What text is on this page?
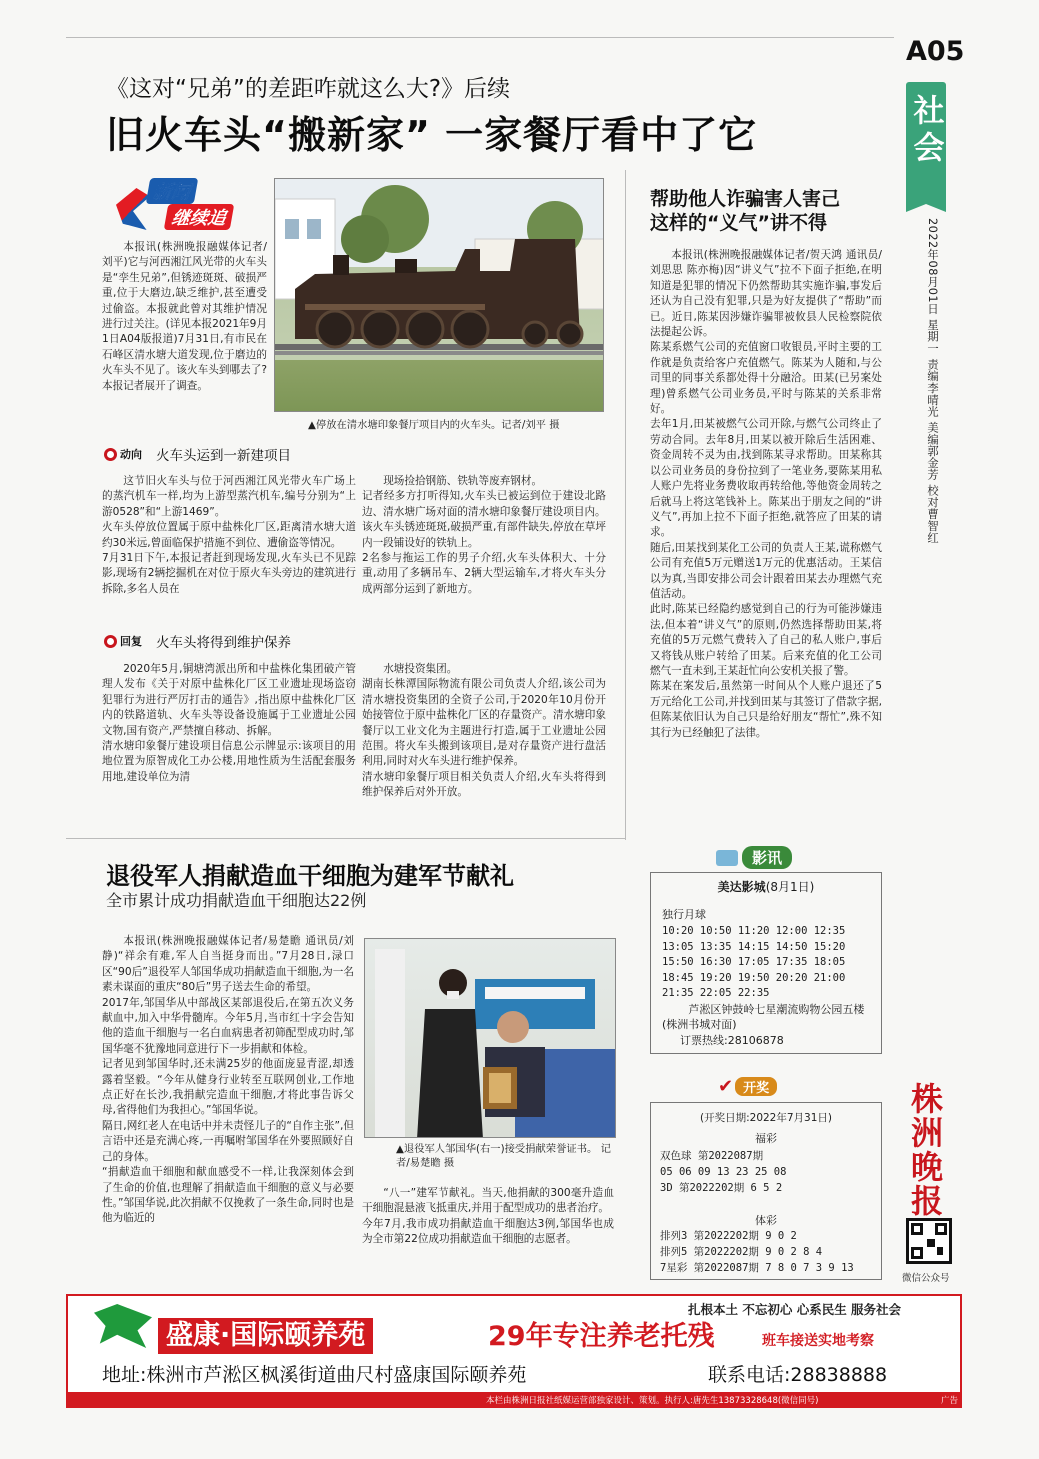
A05
社会
2022年08月01日 星期一 责编李晴光 美编郭金芳 校对曹智红
《这对“兄弟”的差距咋就这么大?》后续
旧火车头“搬新家” 一家餐厅看中了它
新闻
继续追
本报讯(株洲晚报融媒体记者/刘平)它与河西湘江风光带的火车头是“孪生兄弟”,但锈迹斑斑、破损严重,位于大磨边,缺乏维护,甚至遭受过偷盗。本报就此曾对其维护情况进行过关注。(详见本报2021年9月1日A04版报道)7月31日,有市民在石峰区清水塘大道发现,位于磨边的火车头不见了。该火车头到哪去了?本报记者展开了调查。
▲停放在清水塘印象餐厅项目内的火车头。记者/刘平 摄
动向 火车头运到一新建项目
这节旧火车头与位于河西湘江风光带火车广场上的蒸汽机车一样,均为上游型蒸汽机车,编号分别为“上游0528”和“上游1469”。
火车头停放位置属于原中盐株化厂区,距离清水塘大道约30米远,曾面临保护措施不到位、遭偷盗等情况。
7月31日下午,本报记者赶到现场发现,火车头已不见踪影,现场有2辆挖掘机在对位于原火车头旁边的建筑进行拆除,多名人员在
现场捡拾钢筋、铁轨等废弃钢材。
记者经多方打听得知,火车头已被运到位于建设北路边、清水塘广场对面的清水塘印象餐厅建设项目内。
该火车头锈迹斑斑,破损严重,有部件缺失,停放在草坪内一段铺设好的铁轨上。
2名参与拖运工作的男子介绍,火车头体积大、十分重,动用了多辆吊车、2辆大型运输车,才将火车头分成两部分运到了新地方。
回复 火车头将得到维护保养
2020年5月,铜塘湾派出所和中盐株化集团破产管理人发布《关于对原中盐株化厂区工业遗址现场盗窃犯罪行为进行严厉打击的通告》,指出原中盐株化厂区内的铁路道轨、火车头等设备设施属于工业遗址公园文物,国有资产,严禁擅自移动、拆解。
清水塘印象餐厅建设项目信息公示牌显示:该项目的用地位置为原智成化工办公楼,用地性质为生活配套服务用地,建设单位为清
水塘投资集团。
湖南长株潭国际物流有限公司负责人介绍,该公司为清水塘投资集团的全资子公司,于2020年10月份开始接管位于原中盐株化厂区的存量资产。清水塘印象餐厅以工业文化为主题进行打造,属于工业遗址公园范围。将火车头搬到该项目,是对存量资产进行盘活利用,同时对火车头进行维护保养。
清水塘印象餐厅项目相关负责人介绍,火车头将得到维护保养后对外开放。
帮助他人诈骗害人害己
这样的“义气”讲不得
本报讯(株洲晚报融媒体记者/贺天鸿 通讯员/刘思思 陈亦梅)因“讲义气”拉不下面子拒绝,在明知道是犯罪的情况下仍然帮助其实施诈骗,事发后还认为自己没有犯罪,只是为好友提供了“帮助”而已。近日,陈某因涉嫌诈骗罪被攸县人民检察院依法提起公诉。
陈某系燃气公司的充值窗口收银员,平时主要的工作就是负责给客户充值燃气。陈某为人随和,与公司里的同事关系都处得十分融洽。田某(已另案处理)曾系燃气公司业务员,平时与陈某的关系非常好。
去年1月,田某被燃气公司开除,与燃气公司终止了劳动合同。去年8月,田某以被开除后生活困难、资金周转不灵为由,找到陈某寻求帮助。田某称其以公司业务员的身份拉到了一笔业务,要陈某用私人账户先将业务费收取再转给他,等他资金周转之后就马上将这笔钱补上。陈某出于朋友之间的“讲义气”,再加上拉不下面子拒绝,就答应了田某的请求。
随后,田某找到某化工公司的负责人王某,谎称燃气公司有充值5万元赠送1万元的优惠活动。王某信以为真,当即安排公司会计跟着田某去办理燃气充值活动。
此时,陈某已经隐约感觉到自己的行为可能涉嫌违法,但本着“讲义气”的原则,仍然选择帮助田某,将充值的5万元燃气费转入了自己的私人账户,事后又将钱从账户转给了田某。后来充值的化工公司燃气一直未到,王某赶忙向公安机关报了警。
陈某在案发后,虽然第一时间从个人账户退还了5万元给化工公司,并找到田某与其签订了借款字据,但陈某依旧认为自己只是给好朋友“帮忙”,殊不知其行为已经触犯了法律。
退役军人捐献造血干细胞为建军节献礼
全市累计成功捐献造血干细胞达22例
本报讯(株洲晚报融媒体记者/易楚瞻 通讯员/刘静)“祥余有难,军人自当挺身而出。”7月28日,渌口区“90后”退役军人邹国华成功捐献造血干细胞,为一名素未谋面的重庆“80后”男子送去生命的希望。
2017年,邹国华从中部战区某部退役后,在第五次义务献血中,加入中华骨髓库。今年5月,当市红十字会告知他的造血干细胞与一名白血病患者初筛配型成功时,邹国华毫不犹豫地同意进行下一步捐献和体检。
记者见到邹国华时,还未满25岁的他面庞显青涩,却透露着坚毅。“今年从健身行业转至互联网创业,工作地点正好在长沙,我捐献完造血干细胞,才将此事告诉父母,省得他们为我担心。”邹国华说。
隔日,网红老人在电话中并未责怪儿子的“自作主张”,但言语中还是充满心疼,一再嘱咐邹国华在外要照顾好自己的身体。
“捐献造血干细胞和献血感受不一样,让我深刻体会到了生命的价值,也理解了捐献造血干细胞的意义与必要性。”邹国华说,此次捐献不仅挽救了一条生命,同时也是他为临近的
▲退役军人邹国华(右一)接受捐献荣誉证书。 记者/易楚瞻 摄
“八一”建军节献礼。当天,他捐献的300毫升造血干细胞混悬液飞抵重庆,并用于配型成功的患者治疗。
今年7月,我市成功捐献造血干细胞达3例,邹国华也成为全市第22位成功捐献造血干细胞的志愿者。
影讯
美达影城(8月1日)
独行月球
10:20 10:50 11:20 12:00 12:35
13:05 13:35 14:15 14:50 15:20
15:50 16:30 17:05 17:35 18:05
18:45 19:20 19:50 20:20 21:00
21:35 22:05 22:35
芦淞区钟鼓岭七星潮流购物公园五楼(株洲书城对面)
订票热线:28106878
✔ 开奖
(开奖日期:2022年7月31日)
福彩
双色球 第2022087期
05 06 09 13 23 25 08
3D 第2022202期 6 5 2
体彩
排列3 第2022202期 9 0 2
排列5 第2022202期 9 0 2 8 4
7星彩 第2022087期 7 8 0 7 3 9 13
株洲晚报
微信公众号
盛康·国际颐养苑	29年专注养老托残	班车接送实地考察
扎根本土 不忘初心 心系民生 服务社会
地址:株洲市芦淞区枫溪街道曲尺村盛康国际颐养苑	联系电话:28838888
本栏由株洲日报社纸媒运营部独家设计、策划。执行人:唐先生13873328648(微信同号)	广告
